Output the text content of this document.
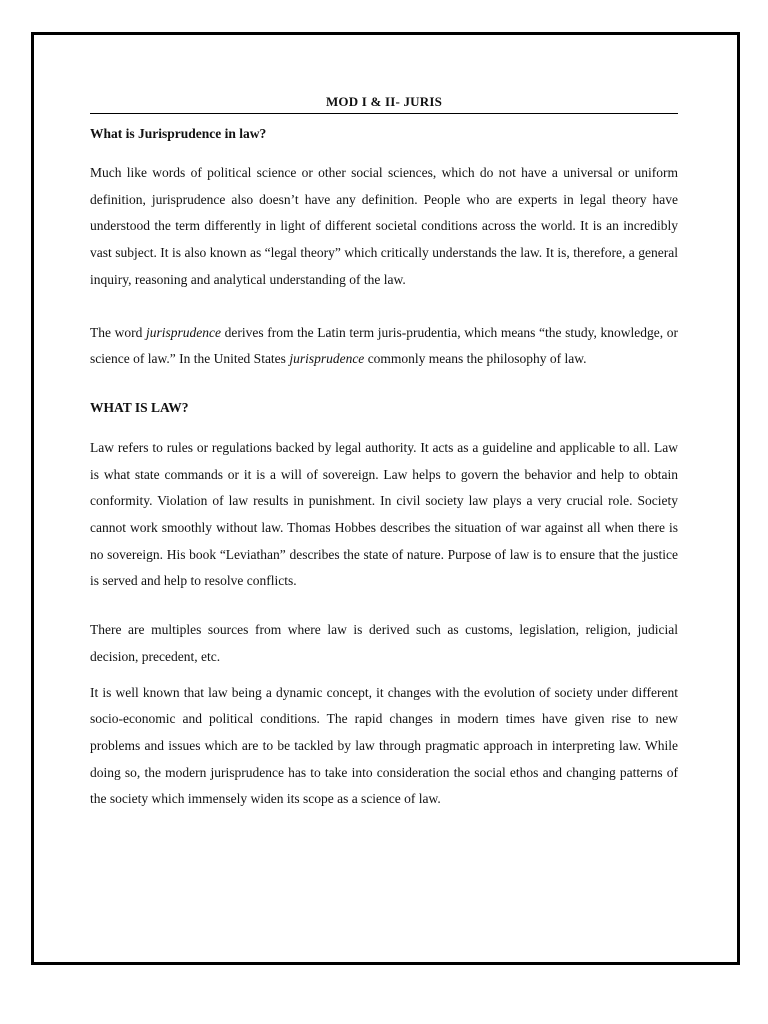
MOD I & II- JURIS
What is Jurisprudence in law?

Much like words of political science or other social sciences, which do not have a universal or uniform definition, jurisprudence also doesn’t have any definition. People who are experts in legal theory have understood the term differently in light of different societal conditions across the world. It is an incredibly vast subject. It is also known as “legal theory” which critically understands the law. It is, therefore, a general inquiry, reasoning and analytical understanding of the law.

The word jurisprudence derives from the Latin term juris-prudentia, which means “the study, knowledge, or science of law.” In the United States jurisprudence commonly means the philosophy of law.

WHAT IS LAW?

Law refers to rules or regulations backed by legal authority. It acts as a guideline and applicable to all. Law is what state commands or it is a will of sovereign. Law helps to govern the behavior and help to obtain conformity. Violation of law results in punishment. In civil society law plays a very crucial role. Society cannot work smoothly without law. Thomas Hobbes describes the situation of war against all when there is no sovereign. His book “Leviathan” describes the state of nature. Purpose of law is to ensure that the justice is served and help to resolve conflicts.

There are multiples sources from where law is derived such as customs, legislation, religion, judicial decision, precedent, etc.

It is well known that law being a dynamic concept, it changes with the evolution of society under different socio-economic and political conditions. The rapid changes in modern times have given rise to new problems and issues which are to be tackled by law through pragmatic approach in interpreting law. While doing so, the modern jurisprudence has to take into consideration the social ethos and changing patterns of the society which immensely widen its scope as a science of law.
